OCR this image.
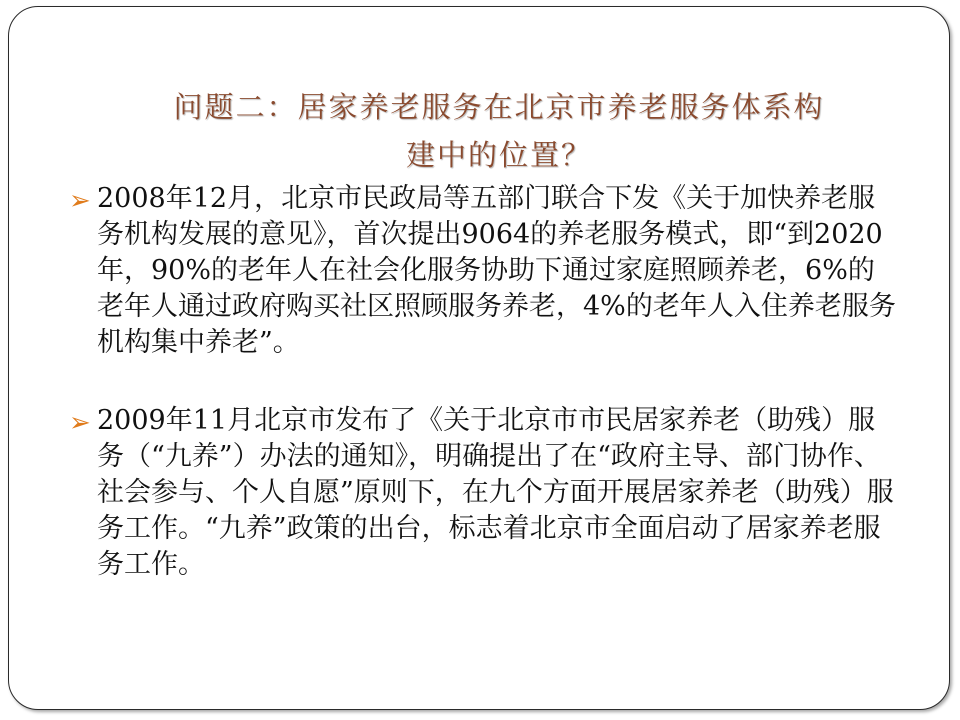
问题二：居家养老服务在北京市养老服务体系构
建中的位置？
➢ 2008年12月，北京市民政局等五部门联合下发《关于加快养老服务机构发展的意见》，首次提出9064的养老服务模式，即“到2020年，90%的老年人在社会化服务协助下通过家庭照顾养老，6%的老年人通过政府购买社区照顾服务养老，4%的老年人入住养老服务机构集中养老”。
➢ 2009年11月北京市发布了《关于北京市市民居家养老（助残）服务（“九养”）办法的通知》，明确提出了在“政府主导、部门协作、社会参与、个人自愿”原则下，在九个方面开展居家养老（助残）服务工作。“九养”政策的出台，标志着北京市全面启动了居家养老服务工作。
